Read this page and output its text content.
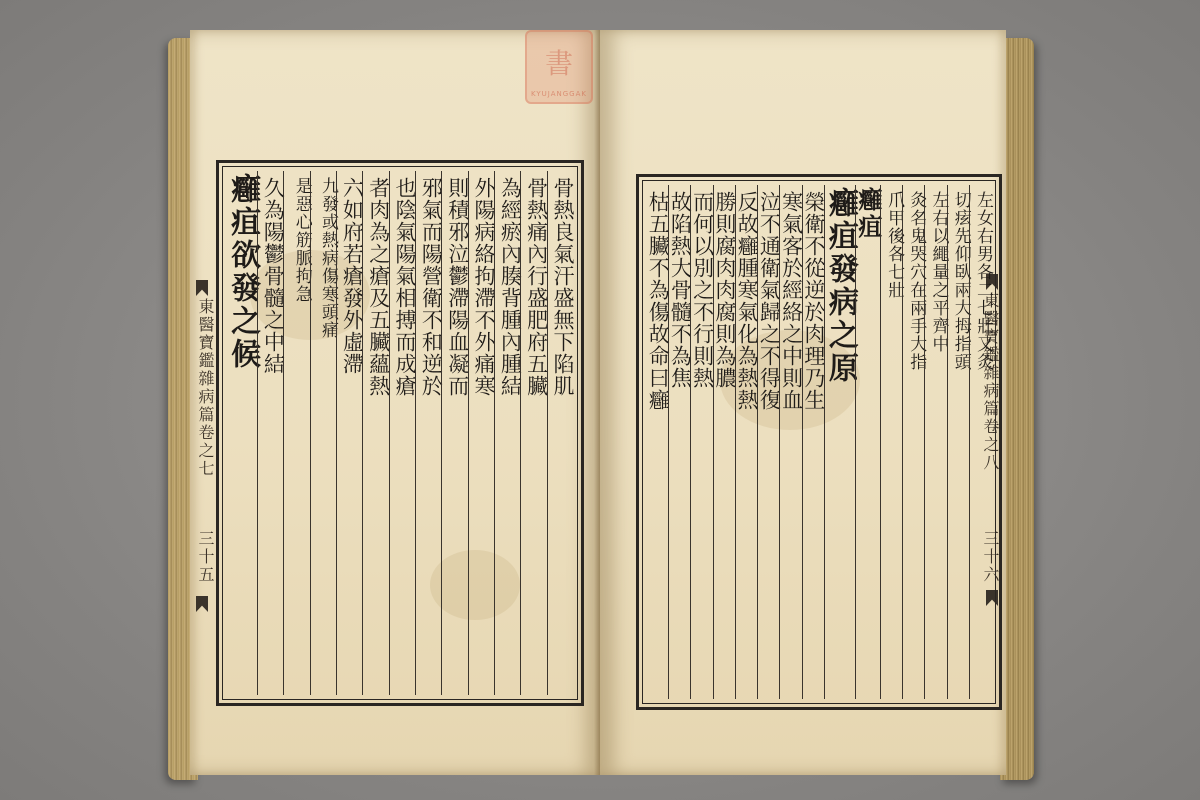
書
KYUJANGGAK
東醫寶鑑雜病篇卷之七
三十五
骨熱良氣汗盛無下陷肌
骨熱痛內行盛肥府五臟
為經瘀內腠背腫內腫結
外陽病絡拘滯不外痛寒
則積邪泣鬱滯陽血凝而
邪氣而陽營衛不和逆於
也陰氣陽氣相搏而成瘡
者肉為之瘡及五臟蘊熱
六如府若瘡發外虛滯
九發或熱病傷寒頭痛
是惡心筋脈拘急
久為陽鬱骨髓之中結
癰疽欲發之候
東醫寶鑑雜病篇卷之八
三十六
左女右男各二七壯又灸
切痃先仰臥兩大拇指頭
左右以繩量之平齊中
灸名鬼哭穴在兩手大指
爪甲後各七壯
癰疽
癰疽發病之原
榮衛不從逆於肉理乃生
寒氣客於經絡之中則血
泣不通衛氣歸之不得復
反故癰腫寒氣化為熱熱
勝則腐肉肉腐則為膿
而何以別之不行則熱
故陷熱大骨髓不為焦
枯五臟不為傷故命曰癰
